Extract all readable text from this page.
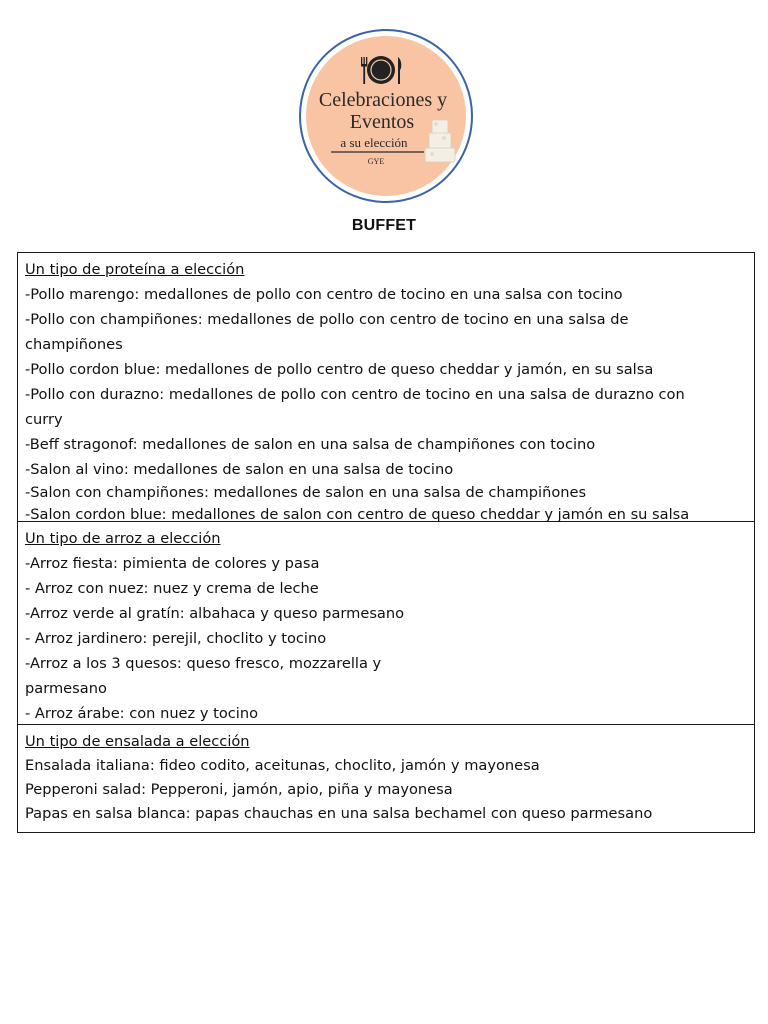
Celebraciones y
Eventos
a su elección
GYE
BUFFET
Un tipo de proteína a elección
-Pollo marengo: medallones de pollo con centro de tocino en una salsa con tocino
-Pollo con champiñones: medallones de pollo con centro de tocino en una salsa de
champiñones
-Pollo cordon blue: medallones de pollo centro de queso cheddar y jamón, en su salsa
-Pollo con durazno: medallones de pollo con centro de tocino en una salsa de durazno con
curry
-Beff stragonof: medallones de salon en una salsa de champiñones con tocino
-Salon al vino: medallones de salon en una salsa de tocino
-Salon con champiñones: medallones de salon en una salsa de champiñones
-Salon cordon blue: medallones de salon con centro de queso cheddar y jamón en su salsa
Un tipo de arroz a elección
-Arroz fiesta: pimienta de colores y pasa
- Arroz con nuez: nuez y crema de leche
-Arroz verde al gratín: albahaca y queso parmesano
- Arroz jardinero: perejil, choclito y tocino
-Arroz a los 3 quesos: queso fresco, mozzarella y
parmesano
- Arroz árabe: con nuez y tocino
Un tipo de ensalada a elección
Ensalada italiana: fideo codito, aceitunas, choclito, jamón y mayonesa
Pepperoni salad: Pepperoni, jamón, apio, piña y mayonesa
Papas en salsa blanca: papas chauchas en una salsa bechamel con queso parmesano
